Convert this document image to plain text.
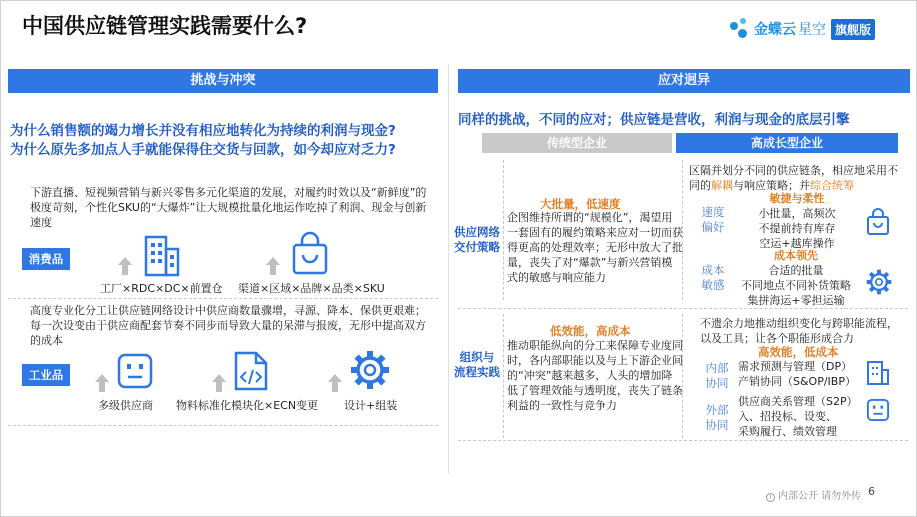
中国供应链管理实践需要什么?	金蝶云 星空 旗舰版
挑战与冲突
为什么销售额的竭力增长并没有相应地转化为持续的利润与现金?
为什么原先多加点人手就能保得住交货与回款，如今却应对乏力?
下游直播、短视频营销与新兴零售多元化渠道的发展，对履约时效以及“新鲜度”的极度苛刻，个性化SKU的“大爆炸”让大规模批量化地运作吃掉了利润、现金与创新速度
消费品
工厂×RDC×DC×前置仓 渠道×区域×品牌×品类×SKU
高度专业化分工让供应链网络设计中供应商数量骤增，寻源、降本、保供更艰难；每一次设变由于供应商配套节奏不同步而导致大量的呆滞与报废，无形中提高双方的成本
工业品
多级供应商 物料标准化模块化×ECN变更 设计+组装
应对迥异
同样的挑战，不同的应对；供应链是营收，利润与现金的底层引擎
传统型企业	高成长型企业
供应网络
交付策略
大批量，低速度
企图维持所谓的“规模化”，渴望用一套固有的履约策略来应对一切而获得更高的处理效率；无形中放大了批量，丧失了对“爆款”与新兴营销模式的敏感与响应能力
区隔并划分不同的供应链条，相应地采用不同的解耦与响应策略；并综合统筹
速度
偏好
敏捷与柔性
小批量，高频次
不提前持有库存
空运+越库操作
成本
敏感
成本领先
合适的批量
不同地点不同补货策略
集拼海运+零担运输
组织与
流程实践
低效能，高成本
推动职能纵向的分工来保障专业度同时，各内部职能以及与上下游企业间的“冲突”越来越多，人头的增加降低了管理效能与透明度，丧失了链条利益的一致性与竞争力
不遗余力地推动组织变化与跨职能流程，以及工具；让各个职能形成合力
高效能，低成本
内部
协同
需求预测与管理（DP）
产销协同（S&OP/IBP）
外部
协同
供应商关系管理（S2P）
入、招投标、设变、
采购履行、绩效管理
i 内部公开 请勿外传 6
